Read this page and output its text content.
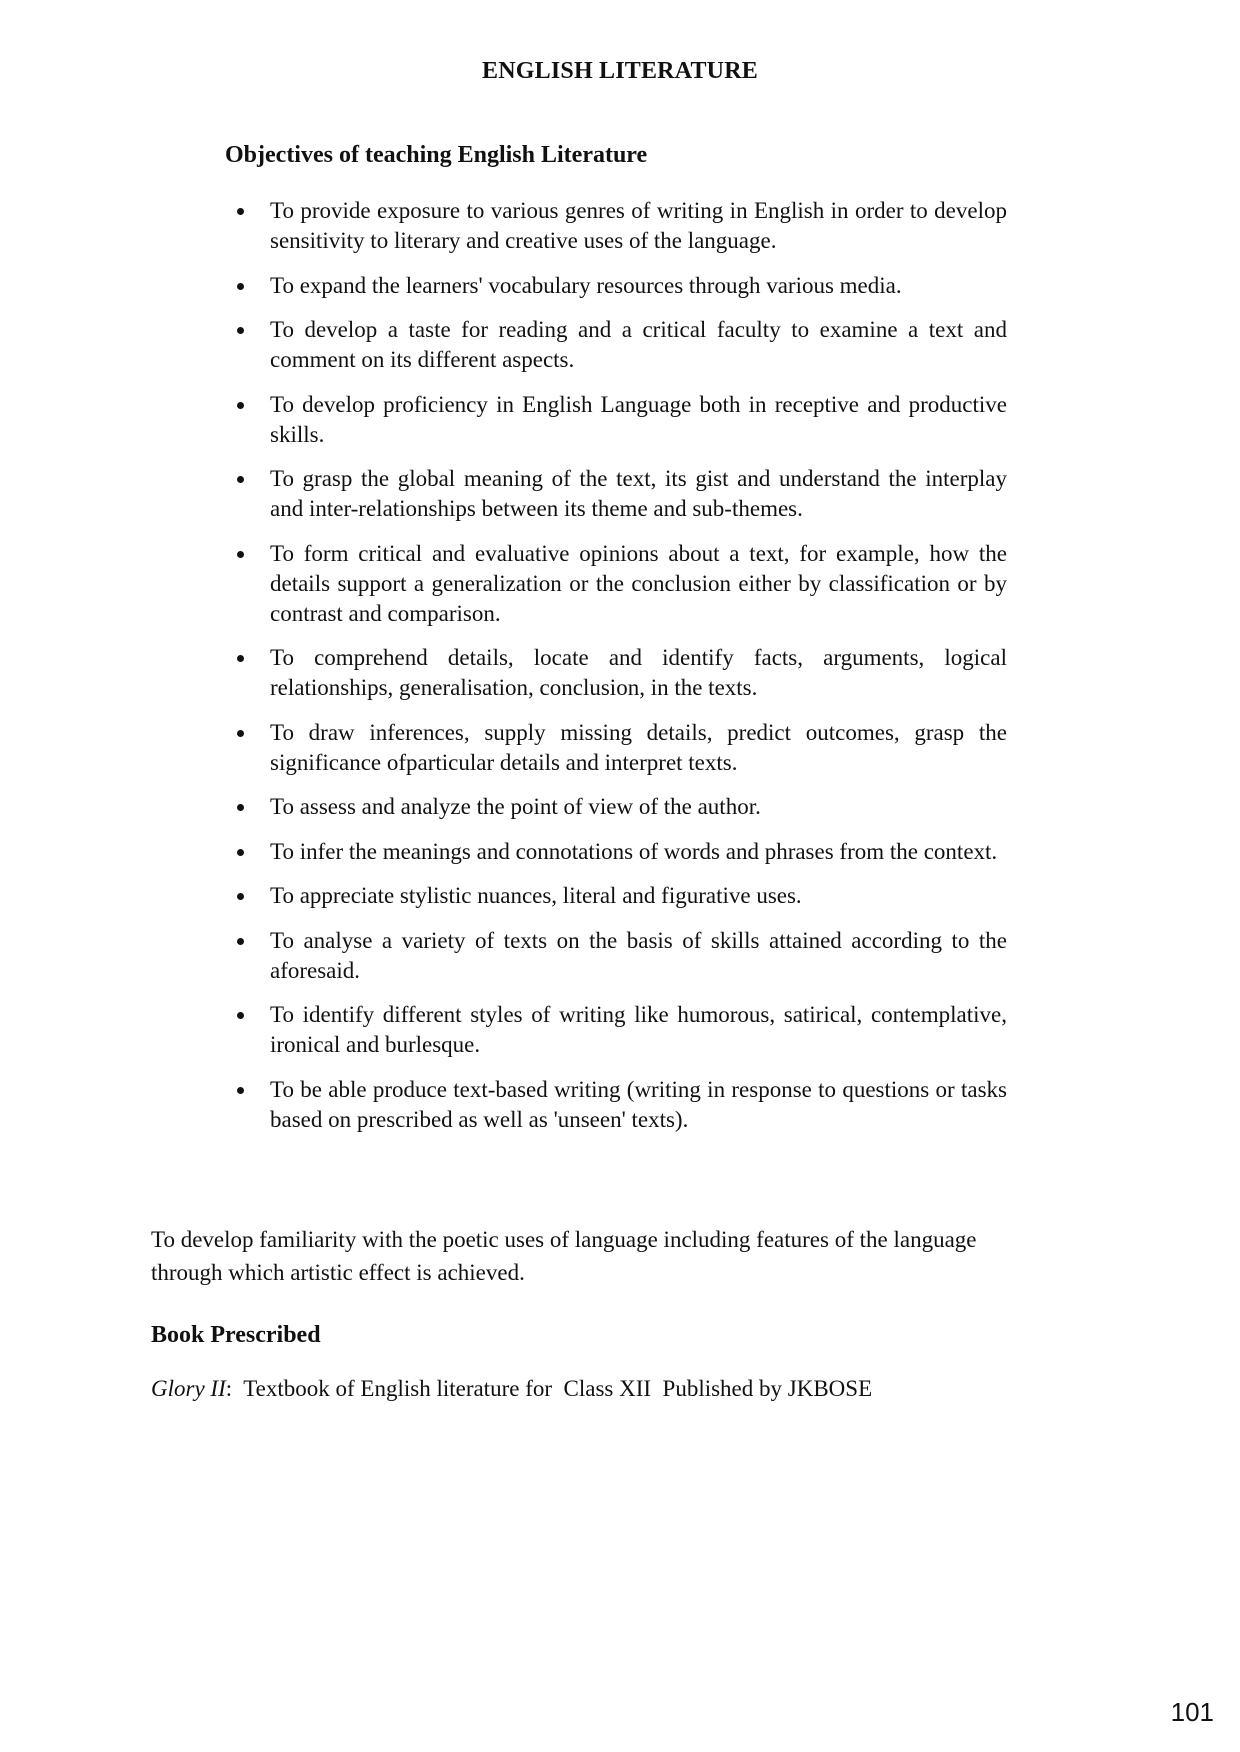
ENGLISH LITERATURE
Objectives of teaching English Literature
To provide exposure to various genres of writing in English in order to develop sensitivity to literary and creative uses of the language.
To expand the learners' vocabulary resources through various media.
To develop a taste for reading and a critical faculty to examine a text and comment on its different aspects.
To develop proficiency in English Language both in receptive and productive skills.
To grasp the global meaning of the text, its gist and understand the interplay and inter-relationships between its theme and sub-themes.
To form critical and evaluative opinions about a text, for example, how the details support a generalization or the conclusion either by classification or by contrast and comparison.
To comprehend details, locate and identify facts, arguments, logical relationships, generalisation, conclusion, in the texts.
To draw inferences, supply missing details, predict outcomes, grasp the significance ofparticular details and interpret texts.
To assess and analyze the point of view of the author.
To infer the meanings and connotations of words and phrases from the context.
To appreciate stylistic nuances, literal and figurative uses.
To analyse a variety of texts on the basis of skills attained according to the aforesaid.
To identify different styles of writing like humorous, satirical, contemplative, ironical and burlesque.
To be able produce text-based writing (writing in response to questions or tasks based on prescribed as well as 'unseen' texts).

To develop familiarity with the poetic uses of language including features of the language through which artistic effect is achieved.

Book Prescribed
Glory II:  Textbook of English literature for  Class XII  Published by JKBOSE
101
